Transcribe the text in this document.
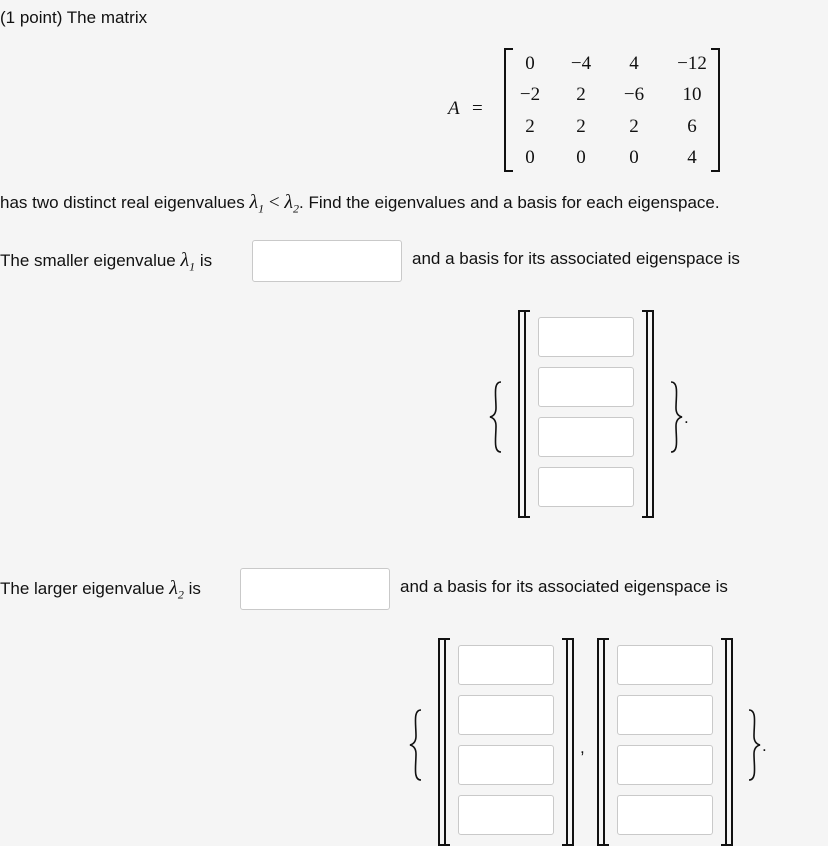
(1 point) The matrix
A =
0	−4	4	−12
−2	2	−6	10
2	2	2	6
0	0	0	4
has two distinct real eigenvalues $\lambda_1 < \lambda_2$. Find the eigenvalues and a basis for each eigenspace.
The smaller eigenvalue $\lambda_1$ is	and a basis for its associated eigenspace is
.
The larger eigenvalue $\lambda_2$ is	and a basis for its associated eigenspace is
,	.
